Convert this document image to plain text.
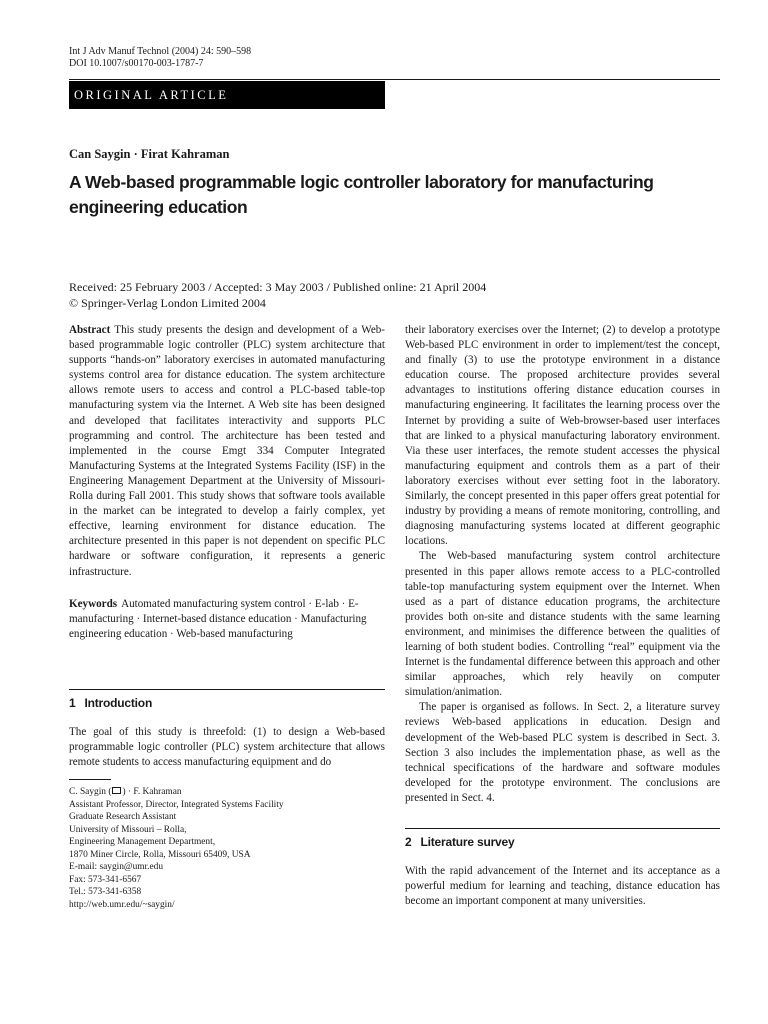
Int J Adv Manuf Technol (2004) 24: 590–598
DOI 10.1007/s00170-003-1787-7
ORIGINAL ARTICLE
Can Saygin · Firat Kahraman
A Web-based programmable logic controller laboratory for manufacturing engineering education
Received: 25 February 2003 / Accepted: 3 May 2003 / Published online: 21 April 2004
© Springer-Verlag London Limited 2004

Abstract This study presents the design and development of a Web-based programmable logic controller (PLC) system architecture that supports “hands-on” laboratory exercises in automated manufacturing systems control area for distance education. The system architecture allows remote users to access and control a PLC-based table-top manufacturing system via the Internet. A Web site has been designed and developed that facilitates interactivity and supports PLC programming and control. The architecture has been tested and implemented in the course Emgt 334 Computer Integrated Manufacturing Systems at the Integrated Systems Facility (ISF) in the Engineering Management Department at the University of Missouri-Rolla during Fall 2001. This study shows that software tools available in the market can be integrated to develop a fairly complex, yet effective, learning environment for distance education. The architecture presented in this paper is not dependent on specific PLC hardware or software configuration, it represents a generic infrastructure.

Keywords Automated manufacturing system control · E-lab · E-manufacturing · Internet-based distance education · Manufacturing engineering education · Web-based manufacturing

1 Introduction

The goal of this study is threefold: (1) to design a Web-based programmable logic controller (PLC) system architecture that allows remote students to access manufacturing equipment and do

C. Saygin ( ) · F. Kahraman
Assistant Professor, Director, Integrated Systems Facility
Graduate Research Assistant
University of Missouri – Rolla,
Engineering Management Department,
1870 Miner Circle, Rolla, Missouri 65409, USA
E-mail: saygin@umr.edu
Fax: 573-341-6567
Tel.: 573-341-6358
http://web.umr.edu/~saygin/

their laboratory exercises over the Internet; (2) to develop a prototype Web-based PLC environment in order to implement/test the concept, and finally (3) to use the prototype environment in a distance education course. The proposed architecture provides several advantages to institutions offering distance education courses in manufacturing engineering. It facilitates the learning process over the Internet by providing a suite of Web-browser-based user interfaces that are linked to a physical manufacturing laboratory environment. Via these user interfaces, the remote student accesses the physical manufacturing equipment and controls them as a part of their laboratory exercises without ever setting foot in the laboratory. Similarly, the concept presented in this paper offers great potential for industry by providing a means of remote monitoring, controlling, and diagnosing manufacturing systems located at different geographic locations.

The Web-based manufacturing system control architecture presented in this paper allows remote access to a PLC-controlled table-top manufacturing system equipment over the Internet. When used as a part of distance education programs, the architecture provides both on-site and distance students with the same learning environment, and minimises the difference between the qualities of learning of both student bodies. Controlling “real” equipment via the Internet is the fundamental difference between this approach and other similar approaches, which rely heavily on computer simulation/animation.

The paper is organised as follows. In Sect. 2, a literature survey reviews Web-based applications in education. Design and development of the Web-based PLC system is described in Sect. 3. Section 3 also includes the implementation phase, as well as the technical specifications of the hardware and software modules developed for the prototype environment. The conclusions are presented in Sect. 4.

2 Literature survey

With the rapid advancement of the Internet and its acceptance as a powerful medium for learning and teaching, distance education has become an important component at many universities.
